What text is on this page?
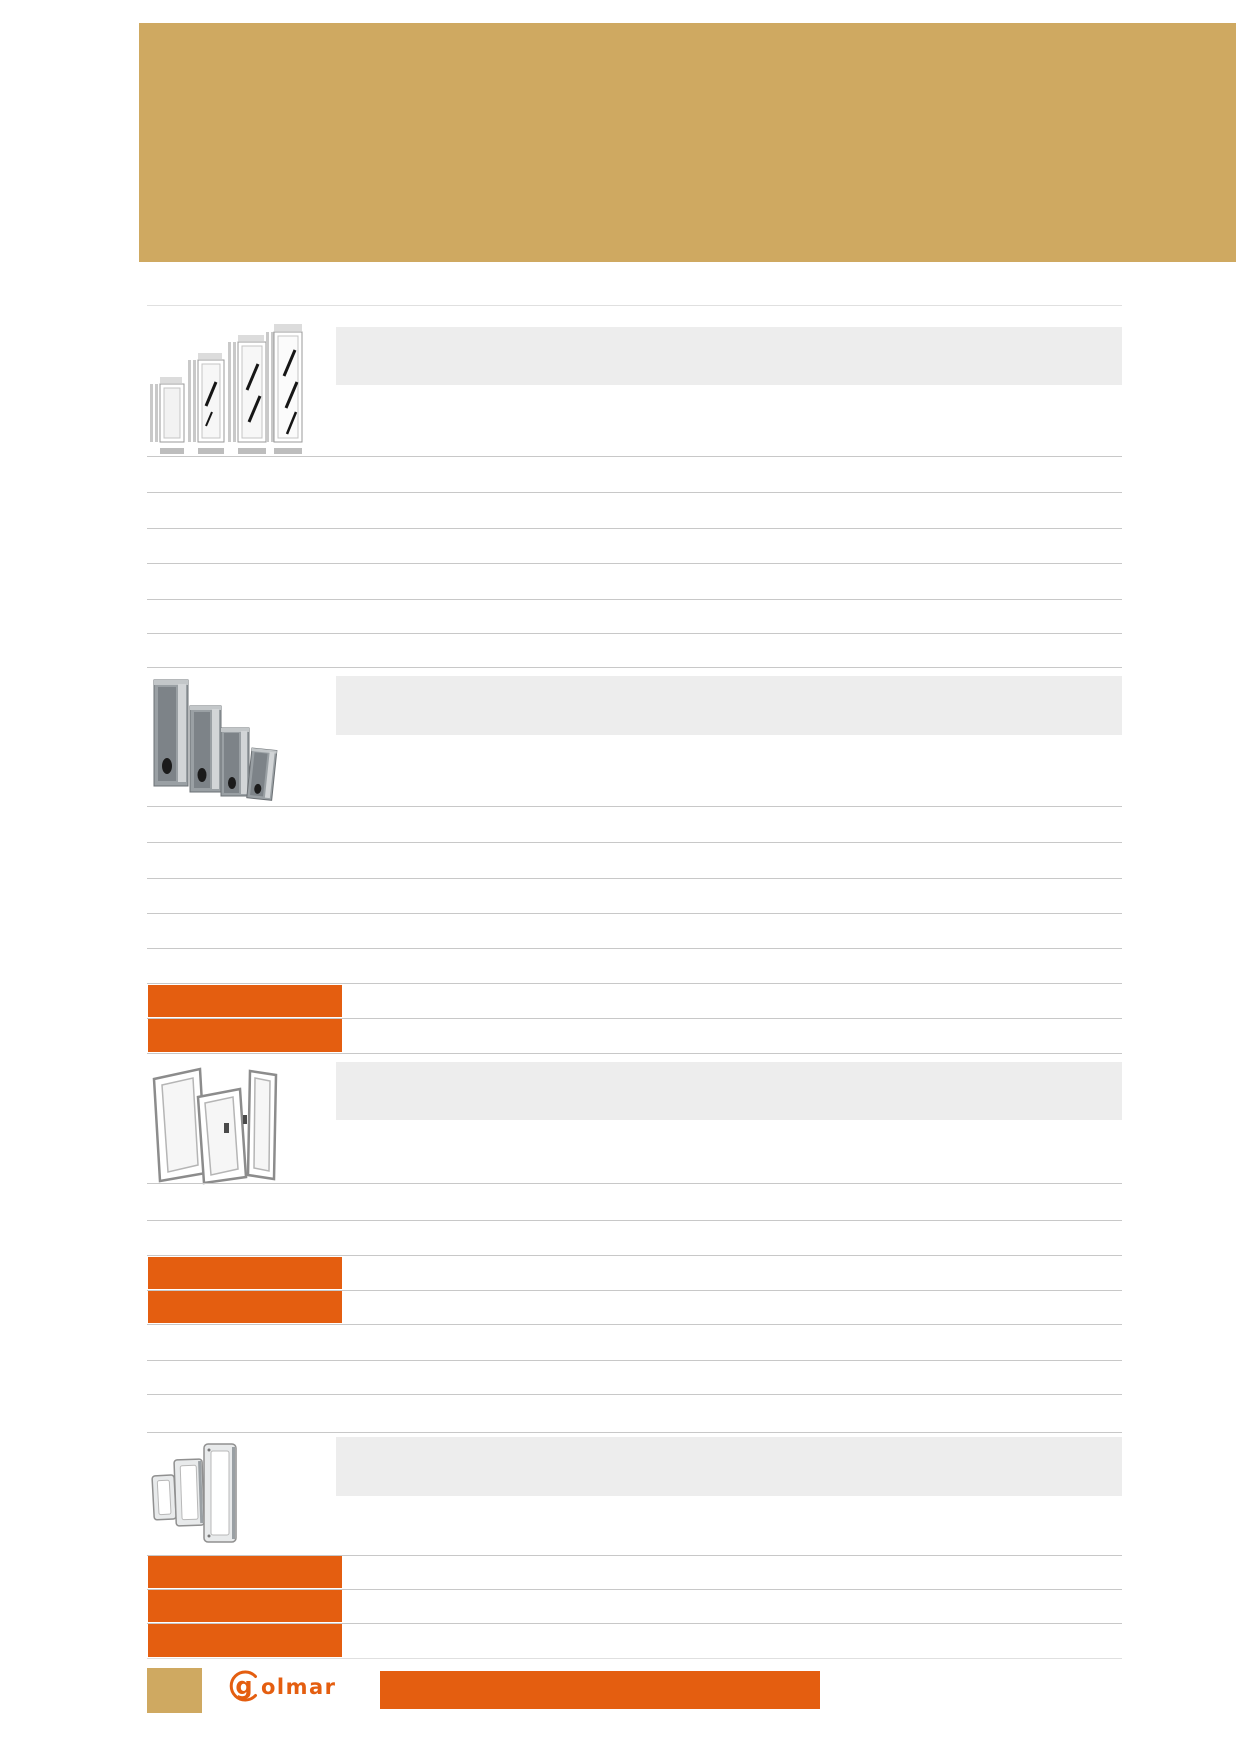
g olmar
